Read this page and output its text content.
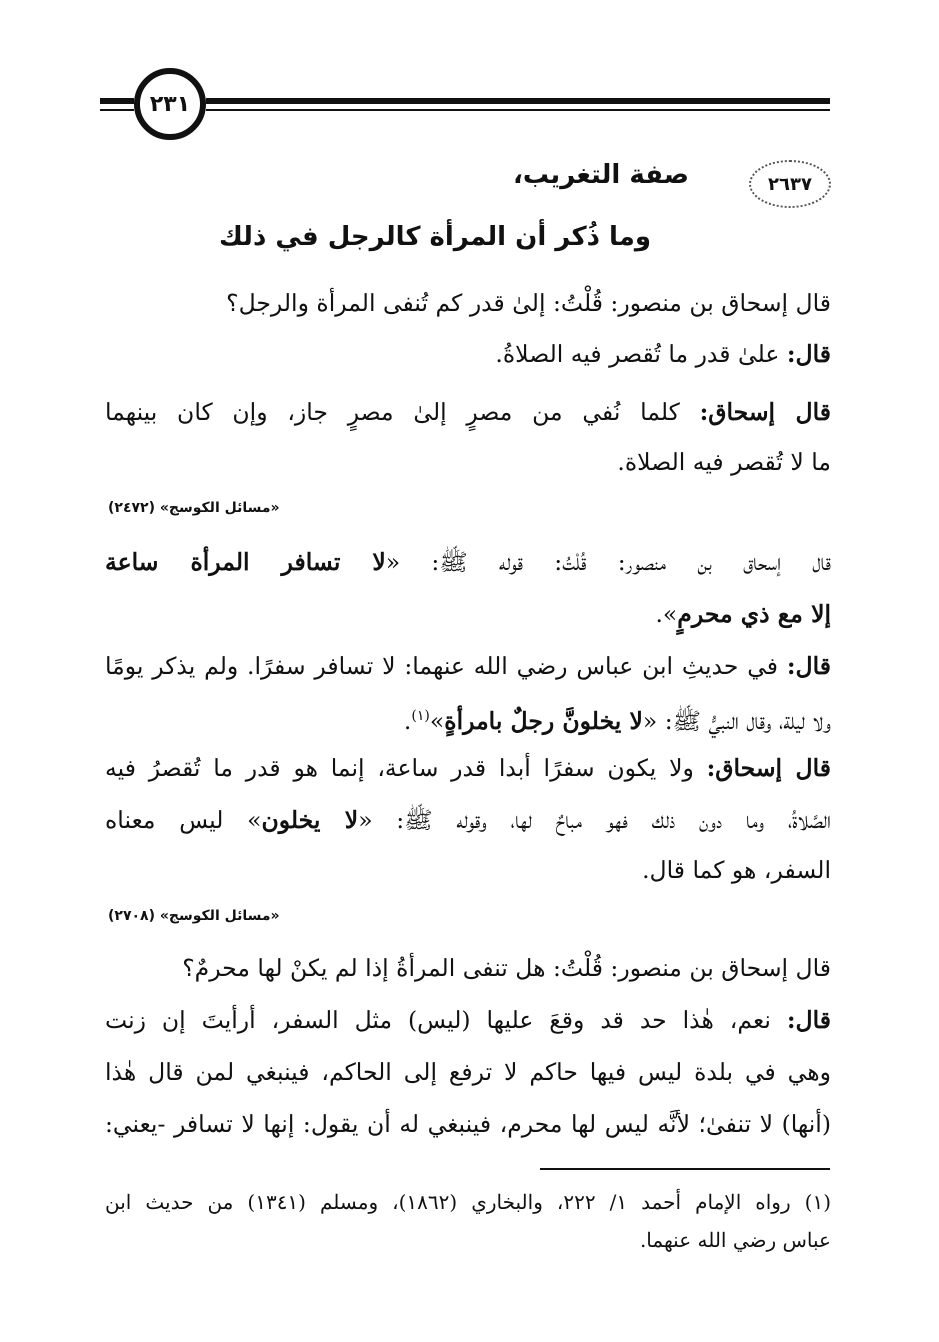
٢٣١
٢٦٣٧
صفة التغريب،
وما ذُكر أن المرأة كالرجل في ذلك
قال إسحاق بن منصور: قُلْتُ: إلىٰ قدر كم تُنفى المرأة والرجل؟
قال: علىٰ قدر ما تُقصر فيه الصلاةُ.
قال إسحاق: كلما نُفي من مصرٍ إلىٰ مصرٍ جاز، وإن كان بينهما
ما لا تُقصر فيه الصلاة.
«مسائل الكوسج» (٢٤٧٢)
قال إسحاق بن منصور: قُلْتُ: قوله ﷺ: «لا تسافر المرأة ساعة
إلا مع ذي محرمٍ».
قال: في حديثِ ابن عباس رضي الله عنهما: لا تسافر سفرًا. ولم يذكر يومًا
ولا ليلة، وقال النبيُّ ﷺ: «لا يخلونَّ رجلٌ بامرأةٍ»$^{(١)}$.
قال إسحاق: ولا يكون سفرًا أبدا قدر ساعة، إنما هو قدر ما تُقصرُ فيه
الصَّلاةُ، وما دون ذلك فهو مباحٌ لها، وقوله ﷺ: «لا يخلون» ليس معناه
السفر، هو كما قال.
«مسائل الكوسج» (٢٧٠٨)
قال إسحاق بن منصور: قُلْتُ: هل تنفى المرأةُ إذا لم يكنْ لها محرمٌ؟
قال: نعم، هٰذا حد قد وقعَ عليها (ليس) مثل السفر، أرأيتَ إن زنت
وهي في بلدة ليس فيها حاكم لا ترفع إلى الحاكم، فينبغي لمن قال هٰذا
(أنها) لا تنفىٰ؛ لأنَّه ليس لها محرم، فينبغي له أن يقول: إنها لا تسافر -يعني:
(١) رواه الإمام أحمد ١/ ٢٢٢، والبخاري (١٨٦٢)، ومسلم (١٣٤١) من حديث ابن
عباس رضي الله عنهما.
